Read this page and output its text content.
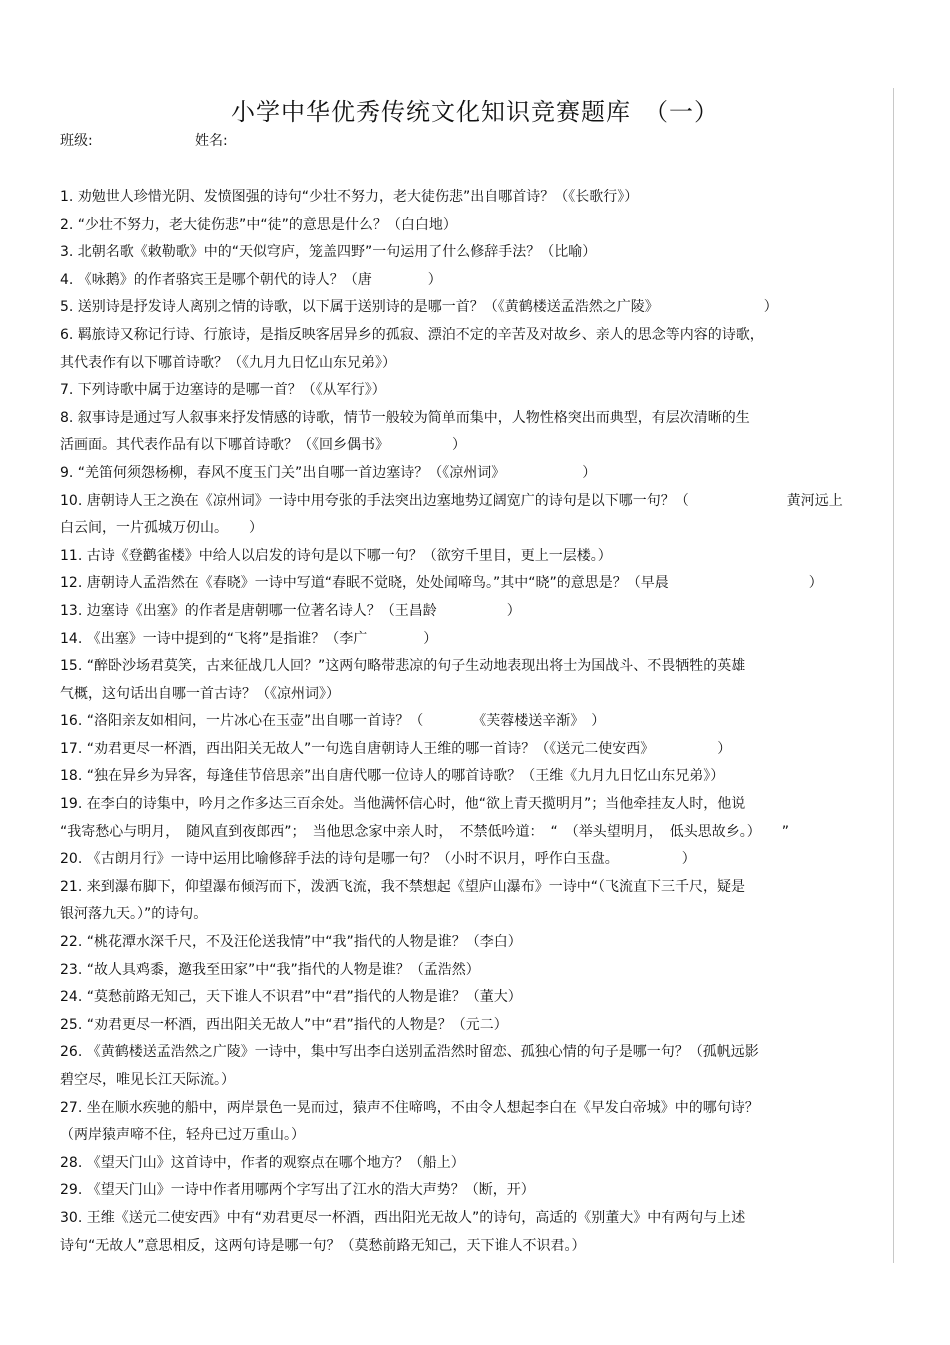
小学中华优秀传统文化知识竞赛题库　（一）
班级:	姓名:
1. 劝勉世人珍惜光阴、发愤图强的诗句“少壮不努力，老大徒伤悲”出自哪首诗？（《长歌行》）
2. “少壮不努力，老大徒伤悲”中“徒”的意思是什么？（白白地）
3. 北朝名歌《敕勒歌》中的“天似穹庐，笼盖四野”一句运用了什么修辞手法？（比喻）
4. 《咏鹅》的作者骆宾王是哪个朝代的诗人？（唐　　　　）
5. 送别诗是抒发诗人离别之情的诗歌，以下属于送别诗的是哪一首？（《黄鹤楼送孟浩然之广陵》　　　　　　　　）
6. 羁旅诗又称记行诗、行旅诗，是指反映客居异乡的孤寂、漂泊不定的辛苦及对故乡、亲人的思念等内容的诗歌，
其代表作有以下哪首诗歌？（《九月九日忆山东兄弟》）
7. 下列诗歌中属于边塞诗的是哪一首？（《从军行》）
8. 叙事诗是通过写人叙事来抒发情感的诗歌，情节一般较为简单而集中，人物性格突出而典型，有层次清晰的生
活画面。其代表作品有以下哪首诗歌？（《回乡偶书》　　　　　）
9. “羌笛何须怨杨柳，春风不度玉门关”出自哪一首边塞诗？（《凉州词》　　　　　　）
10. 唐朝诗人王之涣在《凉州词》一诗中用夸张的手法突出边塞地势辽阔宽广的诗句是以下哪一句？（　　　　　　　黄河远上
白云间，一片孤城万仞山。　　）
11. 古诗《登鹳雀楼》中给人以启发的诗句是以下哪一句？（欲穷千里目，更上一层楼。）
12. 唐朝诗人孟浩然在《春晓》一诗中写道“春眠不觉晓，处处闻啼鸟。”其中“晓”的意思是？（早晨　　　　　　　　　　）
13. 边塞诗《出塞》的作者是唐朝哪一位著名诗人？（王昌龄　　　　　）
14. 《出塞》一诗中提到的“飞将”是指谁？（李广　　　　）
15. “醉卧沙场君莫笑，古来征战几人回？”这两句略带悲凉的句子生动地表现出将士为国战斗、不畏牺牲的英雄
气概，这句话出自哪一首古诗？（《凉州词》）
16. “洛阳亲友如相问，一片冰心在玉壶”出自哪一首诗？（　　　　《芙蓉楼送辛渐》　）
17. “劝君更尽一杯酒，西出阳关无故人”一句选自唐朝诗人王维的哪一首诗？（《送元二使安西》　　　　　）
18. “独在异乡为异客，每逢佳节倍思亲”出自唐代哪一位诗人的哪首诗歌？（王维《九月九日忆山东兄弟》）
19. 在李白的诗集中，吟月之作多达三百余处。当他满怀信心时，他“欲上青天揽明月”；当他牵挂友人时，他说
“我寄愁心与明月，　随风直到夜郎西”；　当他思念家中亲人时，　不禁低吟道：　“　（举头望明月，　低头思故乡。）　　”
20. 《古朗月行》一诗中运用比喻修辞手法的诗句是哪一句？（小时不识月，呼作白玉盘。　　　　　）
21. 来到瀑布脚下，仰望瀑布倾泻而下，泼洒飞流，我不禁想起《望庐山瀑布》一诗中“（飞流直下三千尺，疑是
银河落九天。）”的诗句。
22. “桃花潭水深千尺，不及汪伦送我情”中“我”指代的人物是谁？（李白）
23. “故人具鸡黍，邀我至田家”中“我”指代的人物是谁？（孟浩然）
24. “莫愁前路无知己，天下谁人不识君”中“君”指代的人物是谁？（董大）
25. “劝君更尽一杯酒，西出阳关无故人”中“君”指代的人物是？（元二）
26. 《黄鹤楼送孟浩然之广陵》一诗中，集中写出李白送别孟浩然时留恋、孤独心情的句子是哪一句？（孤帆远影
碧空尽，唯见长江天际流。）
27. 坐在顺水疾驰的船中，两岸景色一晃而过，猿声不住啼鸣，不由令人想起李白在《早发白帝城》中的哪句诗？
（两岸猿声啼不住，轻舟已过万重山。）
28. 《望天门山》这首诗中，作者的观察点在哪个地方？（船上）
29. 《望天门山》一诗中作者用哪两个字写出了江水的浩大声势？（断，开）
30. 王维《送元二使安西》中有“劝君更尽一杯酒，西出阳光无故人”的诗句，高适的《别董大》中有两句与上述
诗句“无故人”意思相反，这两句诗是哪一句？（莫愁前路无知己，天下谁人不识君。）
